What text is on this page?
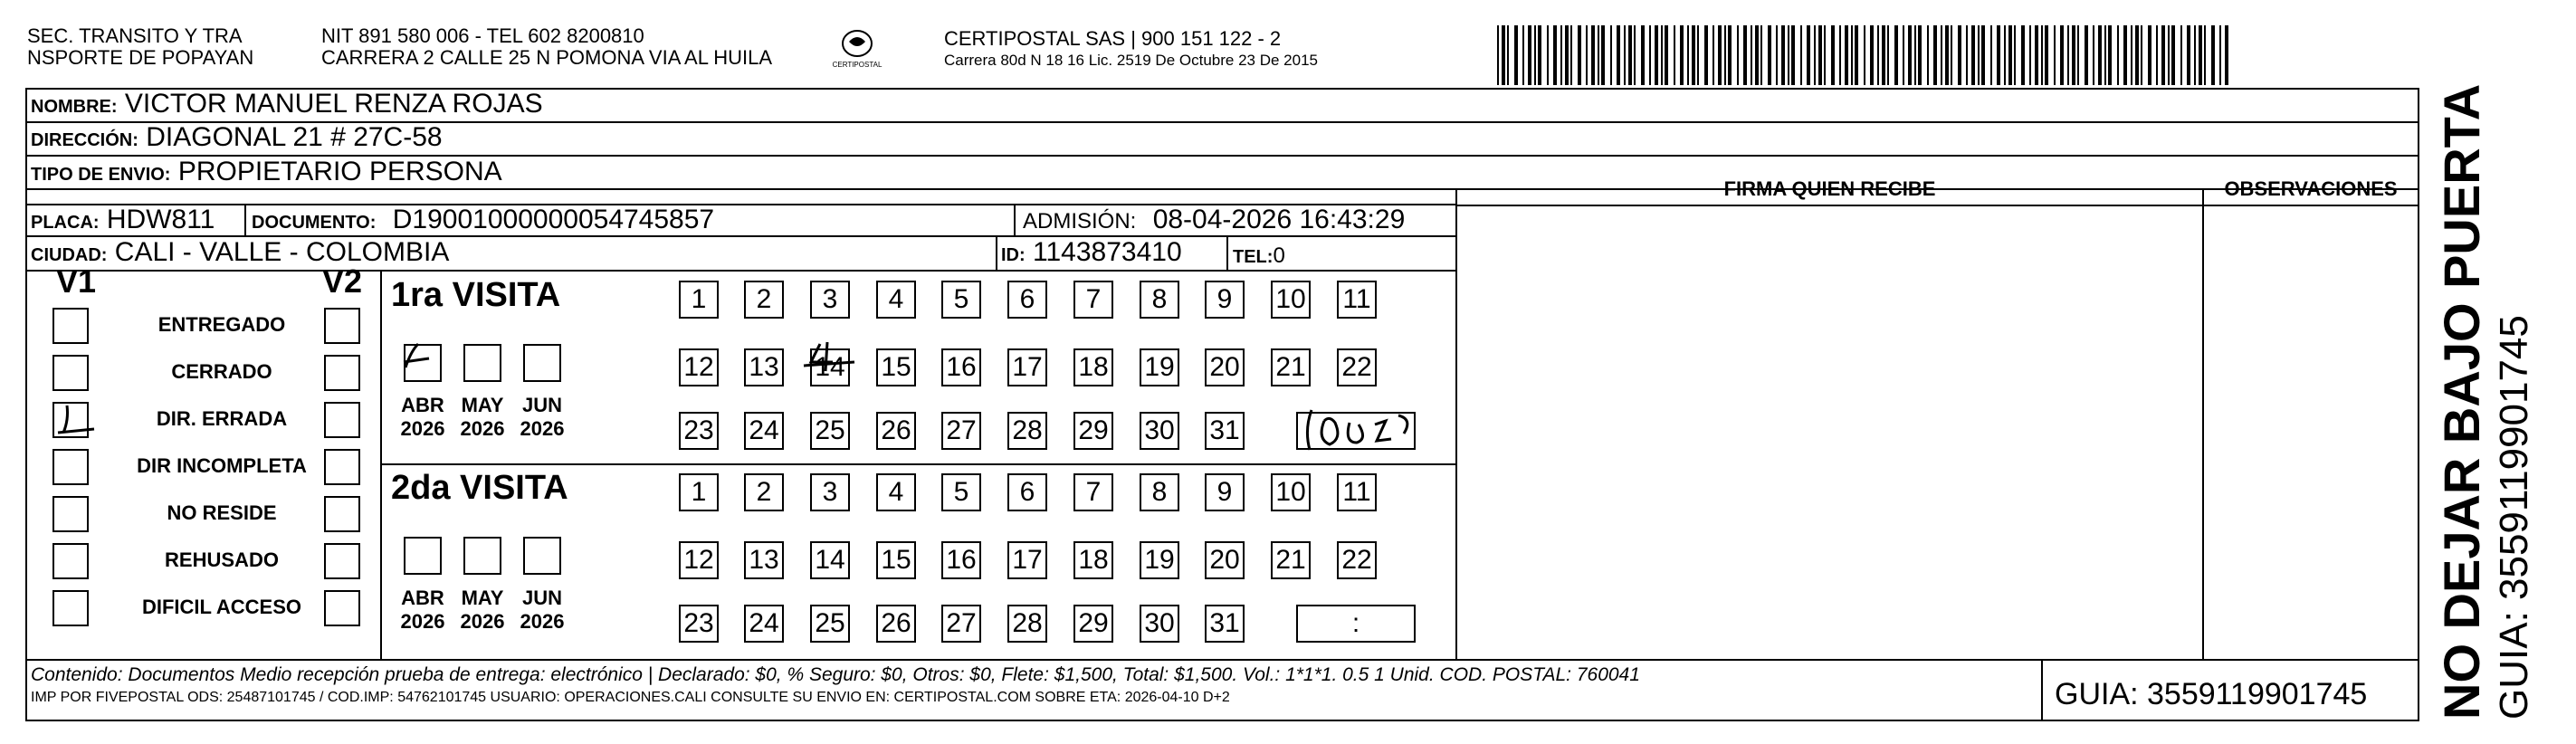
SEC. TRANSITO Y TRA
NSPORTE DE POPAYAN
NIT 891 580 006 - TEL 602 8200810
CARRERA 2 CALLE 25 N POMONA VIA AL HUILA	CERTIPOSTAL
CERTIPOSTAL SAS | 900 151 122 - 2
Carrera 80d N 18 16 Lic. 2519 De Octubre 23 De 2015
NOMBRE: VICTOR MANUEL RENZA ROJAS
DIRECCIÓN: DIAGONAL 21 # 27C-58
TIPO DE ENVIO: PROPIETARIO PERSONA
PLACA: HDW811 DOCUMENTO: D19001000000054745857	ADMISIÓN: 08-04-2026 16:43:29
CIUDAD: CALI - VALLE - COLOMBIA	ID: 1143873410	TEL:0
FIRMA QUIEN RECIBE	OBSERVACIONES
V1	V2
ENTREGADO
CERRADO
DIR. ERRADA
DIR INCOMPLETA
NO RESIDE
REHUSADO
DIFICIL ACCESO
1ra VISITA
2da VISITA
1	2	3	4	5	6	7	8	9	10 11
12 13 14 15 16 17 18 19 20 21 22
23 24 25 26 27 28 29 30 31
ABR
2026
MAY
2026
JUN
2026
1	2	3	4	5	6	7	8	9	10 11
12 13 14 15 16 17 18 19 20 21 22
23 24 25 26 27 28 29 30 31	:
ABR
2026
MAY
2026
JUN
2026	NO DEJAR BAJO PUERTA GUIA: 3559119901745
Contenido: Documentos Medio recepción prueba de entrega: electrónico | Declarado: $0, % Seguro: $0, Otros: $0, Flete: $1,500, Total: $1,500. Vol.: 1*1*1. 0.5 1 Unid. COD. POSTAL: 760041
IMP POR FIVEPOSTAL ODS: 25487101745 / COD.IMP: 54762101745 USUARIO: OPERACIONES.CALI CONSULTE SU ENVIO EN: CERTIPOSTAL.COM SOBRE ETA: 2026-04-10 D+2	GUIA: 3559119901745
